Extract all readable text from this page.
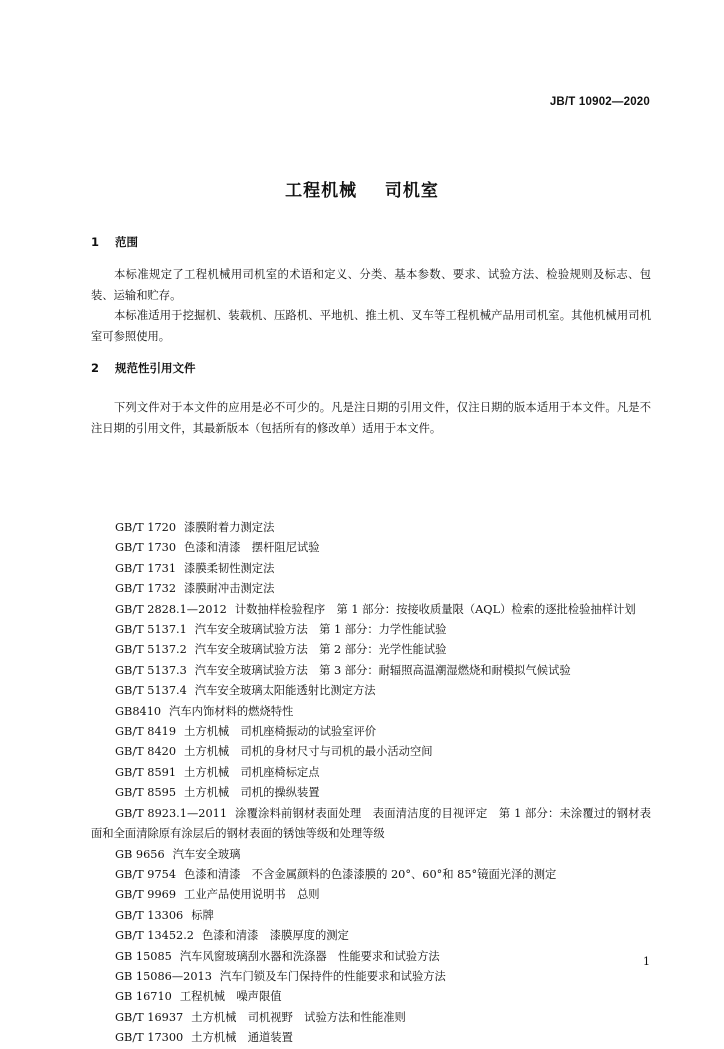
JB/T 10902—2020
工程机械    司机室
1    范围
本标准规定了工程机械用司机室的术语和定义、分类、基本参数、要求、试验方法、检验规则及标志、包装、运输和贮存。
本标准适用于挖掘机、装载机、压路机、平地机、推土机、叉车等工程机械产品用司机室。其他机械用司机室可参照使用。
2    规范性引用文件
下列文件对于本文件的应用是必不可少的。凡是注日期的引用文件，仅注日期的版本适用于本文件。凡是不注日期的引用文件，其最新版本（包括所有的修改单）适用于本文件。
GB/T 1720 漆膜附着力测定法
GB/T 1730 色漆和清漆　摆杆阻尼试验
GB/T 1731 漆膜柔韧性测定法
GB/T 1732 漆膜耐冲击测定法
GB/T 2828.1—2012 计数抽样检验程序　第 1 部分：按接收质量限（AQL）检索的逐批检验抽样计划
GB/T 5137.1 汽车安全玻璃试验方法　第 1 部分：力学性能试验
GB/T 5137.2 汽车安全玻璃试验方法　第 2 部分：光学性能试验
GB/T 5137.3 汽车安全玻璃试验方法　第 3 部分：耐辐照高温潮湿燃烧和耐模拟气候试验
GB/T 5137.4 汽车安全玻璃太阳能透射比测定方法
GB8410 汽车内饰材料的燃烧特性
GB/T 8419 土方机械　司机座椅振动的试验室评价
GB/T 8420 土方机械　司机的身材尺寸与司机的最小活动空间
GB/T 8591 土方机械　司机座椅标定点
GB/T 8595 土方机械　司机的操纵装置
GB/T 8923.1—2011 涂覆涂料前钢材表面处理　表面清洁度的目视评定　第 1 部分：未涂覆过的钢材表面和全面清除原有涂层后的钢材表面的锈蚀等级和处理等级
GB 9656 汽车安全玻璃
GB/T 9754 色漆和清漆　不含金属颜料的色漆漆膜的 20°、60°和 85°镜面光泽的测定
GB/T 9969 工业产品使用说明书　总则
GB/T 13306 标牌
GB/T 13452.2 色漆和清漆　漆膜厚度的测定
GB 15085 汽车风窗玻璃刮水器和洗涤器　性能要求和试验方法
GB 15086—2013 汽车门锁及车门保持件的性能要求和试验方法
GB 16710 工程机械　噪声限值
GB/T 16937 土方机械　司机视野　试验方法和性能准则
GB/T 17300 土方机械　通道装置
1
